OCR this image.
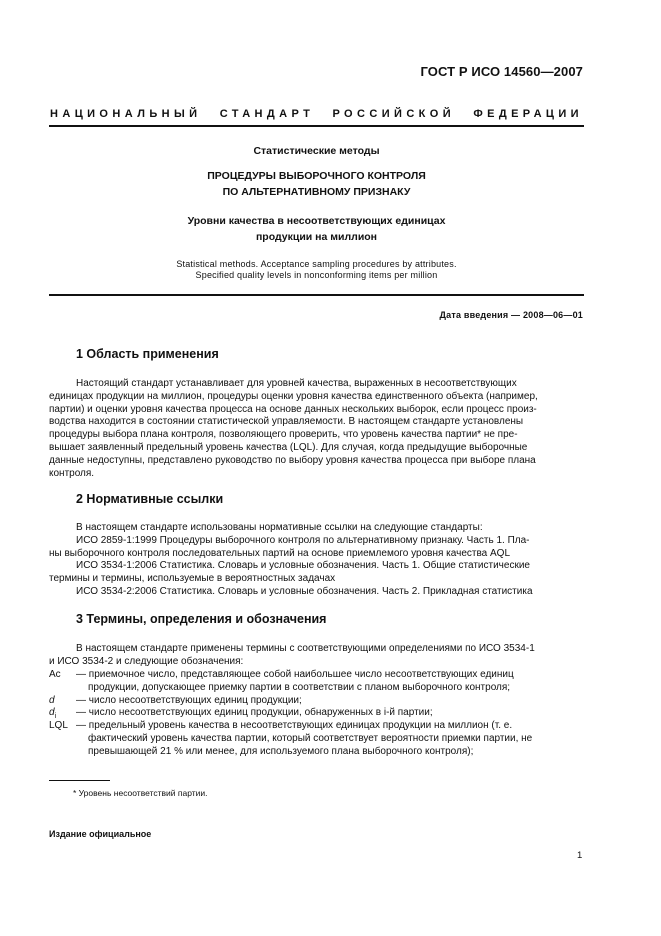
ГОСТ Р ИСО 14560—2007
НАЦИОНАЛЬНЫЙ СТАНДАРТ РОССИЙСКОЙ ФЕДЕРАЦИИ
Статистические методы
ПРОЦЕДУРЫ ВЫБОРОЧНОГО КОНТРОЛЯ
ПО АЛЬТЕРНАТИВНОМУ ПРИЗНАКУ
Уровни качества в несоответствующих единицах
продукции на миллион
Statistical methods. Acceptance sampling procedures by attributes.
Specified quality levels in nonconforming items per million
Дата введения — 2008—06—01
1 Область применения
Настоящий стандарт устанавливает для уровней качества, выраженных в несоответствующих
единицах продукции на миллион, процедуры оценки уровня качества единственного объекта (например,
партии) и оценки уровня качества процесса на основе данных нескольких выборок, если процесс произ-
водства находится в состоянии статистической управляемости. В настоящем стандарте установлены
процедуры выбора плана контроля, позволяющего проверить, что уровень качества партии* не пре-
вышает заявленный предельный уровень качества (LQL). Для случая, когда предыдущие выборочные
данные недоступны, представлено руководство по выбору уровня качества процесса при выборе плана
контроля.
2 Нормативные ссылки
В настоящем стандарте использованы нормативные ссылки на следующие стандарты:
ИСО 2859-1:1999 Процедуры выборочного контроля по альтернативному признаку. Часть 1. Пла-
ны выборочного контроля последовательных партий на основе приемлемого уровня качества AQL
ИСО 3534-1:2006 Статистика. Словарь и условные обозначения. Часть 1. Общие статистические
термины и термины, используемые в вероятностных задачах
ИСО 3534-2:2006 Статистика. Словарь и условные обозначения. Часть 2. Прикладная статистика
3 Термины, определения и обозначения
В настоящем стандарте применены термины с соответствующими определениями по ИСО 3534-1
и ИСО 3534-2 и следующие обозначения:
Ac — приемочное число, представляющее собой наибольшее число несоответствующих единиц
продукции, допускающее приемку партии в соответствии с планом выборочного контроля;
d — число несоответствующих единиц продукции;
$d_i$ — число несоответствующих единиц продукции, обнаруженных в i-й партии;
LQL — предельный уровень качества в несоответствующих единицах продукции на миллион (т. е.
фактический уровень качества партии, который соответствует вероятности приемки партии, не
превышающей 21 % или менее, для используемого плана выборочного контроля);
* Уровень несоответствий партии.
Издание официальное
1
